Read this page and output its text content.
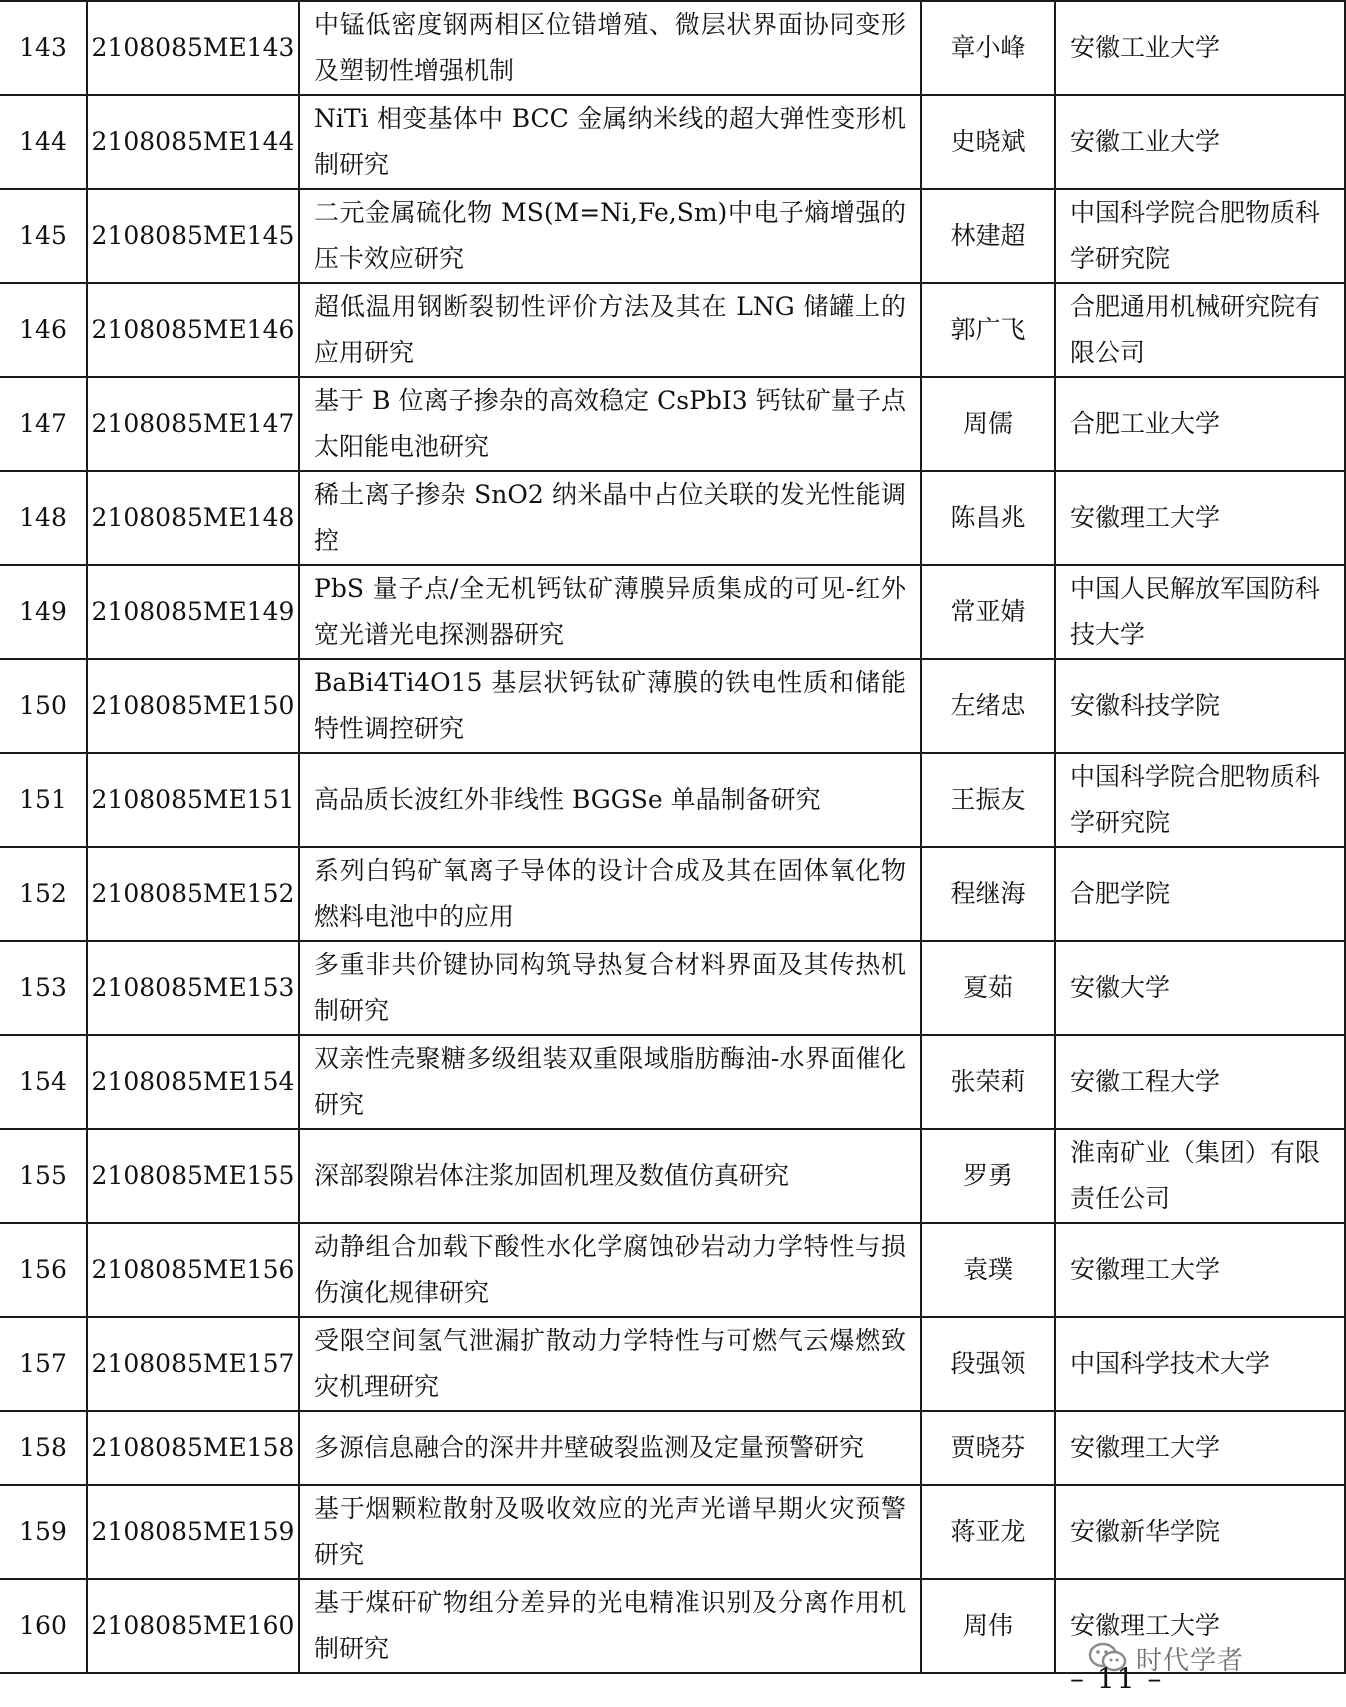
143	2108085ME143	中锰低密度钢两相区位错增殖、微层状界面协同变形及塑韧性增强机制	章小峰	安徽工业大学
144	2108085ME144	NiTi 相变基体中 BCC 金属纳米线的超大弹性变形机制研究	史晓斌	安徽工业大学
145	2108085ME145	二元金属硫化物 MS(M=Ni,Fe,Sm)中电子熵增强的压卡效应研究	林建超	中国科学院合肥物质科学研究院
146	2108085ME146	超低温用钢断裂韧性评价方法及其在 LNG 储罐上的应用研究	郭广飞	合肥通用机械研究院有限公司
147	2108085ME147	基于 B 位离子掺杂的高效稳定 CsPbI3 钙钛矿量子点太阳能电池研究	周儒	合肥工业大学
148	2108085ME148	稀土离子掺杂 SnO2 纳米晶中占位关联的发光性能调控	陈昌兆	安徽理工大学
149	2108085ME149	PbS 量子点/全无机钙钛矿薄膜异质集成的可见-红外宽光谱光电探测器研究	常亚婧	中国人民解放军国防科技大学
150	2108085ME150	BaBi4Ti4O15 基层状钙钛矿薄膜的铁电性质和储能特性调控研究	左绪忠	安徽科技学院
151	2108085ME151	高品质长波红外非线性 BGGSe 单晶制备研究	王振友	中国科学院合肥物质科学研究院
152	2108085ME152	系列白钨矿氧离子导体的设计合成及其在固体氧化物燃料电池中的应用	程继海	合肥学院
153	2108085ME153	多重非共价键协同构筑导热复合材料界面及其传热机制研究	夏茹	安徽大学
154	2108085ME154	双亲性壳聚糖多级组装双重限域脂肪酶油-水界面催化研究	张荣莉	安徽工程大学
155	2108085ME155	深部裂隙岩体注浆加固机理及数值仿真研究	罗勇	淮南矿业（集团）有限责任公司
156	2108085ME156	动静组合加载下酸性水化学腐蚀砂岩动力学特性与损伤演化规律研究	袁璞	安徽理工大学
157	2108085ME157	受限空间氢气泄漏扩散动力学特性与可燃气云爆燃致灾机理研究	段强领	中国科学技术大学
158	2108085ME158	多源信息融合的深井井壁破裂监测及定量预警研究	贾晓芬	安徽理工大学
159	2108085ME159	基于烟颗粒散射及吸收效应的光声光谱早期火灾预警研究	蒋亚龙	安徽新华学院
160	2108085ME160	基于煤矸矿物组分差异的光电精准识别及分离作用机制研究	周伟	安徽理工大学
时代学者
– 11 –
